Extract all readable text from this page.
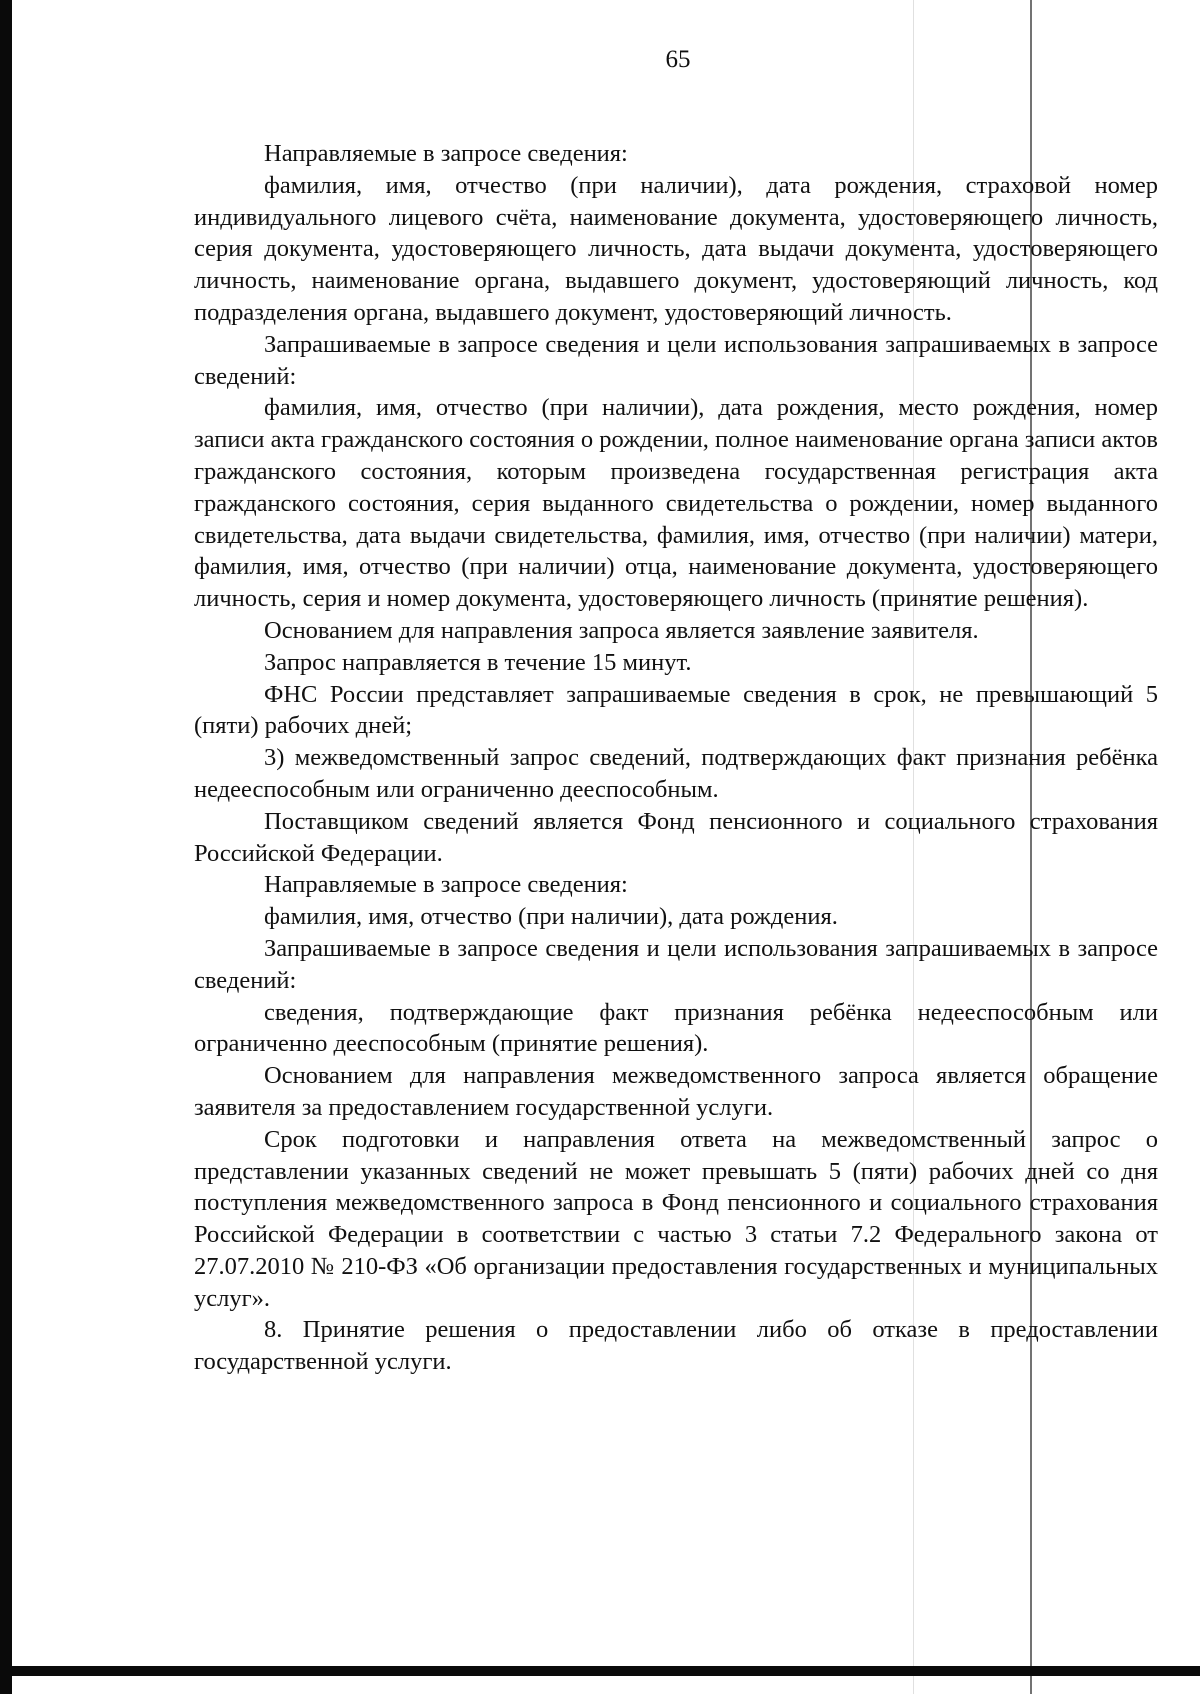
65

Направляемые в запросе сведения:

фамилия, имя, отчество (при наличии), дата рождения, страховой номер индивидуального лицевого счёта, наименование документа, удостоверяющего личность, серия документа, удостоверяющего личность, дата выдачи документа, удостоверяющего личность, наименование органа, выдавшего документ, удостоверяющий личность, код подразделения органа, выдавшего документ, удостоверяющий личность.

Запрашиваемые в запросе сведения и цели использования запрашиваемых в запросе сведений:

фамилия, имя, отчество (при наличии), дата рождения, место рождения, номер записи акта гражданского состояния о рождении, полное наименование органа записи актов гражданского состояния, которым произведена государственная регистрация акта гражданского состояния, серия выданного свидетельства о рождении, номер выданного свидетельства, дата выдачи свидетельства, фамилия, имя, отчество (при наличии) матери, фамилия, имя, отчество (при наличии) отца, наименование документа, удостоверяющего личность, серия и номер документа, удостоверяющего личность (принятие решения).

Основанием для направления запроса является заявление заявителя.

Запрос направляется в течение 15 минут.

ФНС России представляет запрашиваемые сведения в срок, не превышающий 5 (пяти) рабочих дней;

3) межведомственный запрос сведений, подтверждающих факт признания ребёнка недееспособным или ограниченно дееспособным.

Поставщиком сведений является Фонд пенсионного и социального страхования Российской Федерации.

Направляемые в запросе сведения:

фамилия, имя, отчество (при наличии), дата рождения.

Запрашиваемые в запросе сведения и цели использования запрашиваемых в запросе сведений:

сведения, подтверждающие факт признания ребёнка недееспособным или ограниченно дееспособным (принятие решения).

Основанием для направления межведомственного запроса является обращение заявителя за предоставлением государственной услуги.

Срок подготовки и направления ответа на межведомственный запрос о представлении указанных сведений не может превышать 5 (пяти) рабочих дней со дня поступления межведомственного запроса в Фонд пенсионного и социального страхования Российской Федерации в соответствии с частью 3 статьи 7.2 Федерального закона от 27.07.2010 № 210-ФЗ «Об организации предоставления государственных и муниципальных услуг».

8. Принятие решения о предоставлении либо об отказе в предоставлении государственной услуги.
